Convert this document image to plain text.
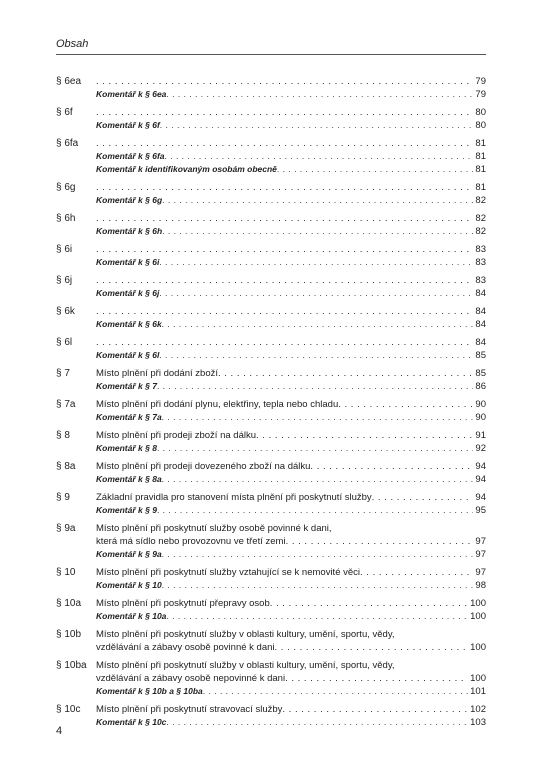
Obsah
§ 6ea . . .	79
Komentář k § 6ea . . .	79
§ 6f . . .	80
Komentář k § 6f . . .	80
§ 6fa . . .	81
Komentář k § 6fa . . .	81
Komentář k identifikovaným osobám obecně . . .	81
§ 6g . . .	81
Komentář k § 6g . . .	82
§ 6h . . .	82
Komentář k § 6h . . .	82
§ 6i . . .	83
Komentář k § 6i . . .	83
§ 6j . . .	83
Komentář k § 6j . . .	84
§ 6k . . .	84
Komentář k § 6k . . .	84
§ 6l . . .	84
Komentář k § 6l . . .	85
§ 7	Místo plnění při dodání zboží . . .	85
Komentář k § 7 . . .	86
§ 7a	Místo plnění při dodání plynu, elektřiny, tepla nebo chladu . . .	90
Komentář k § 7a . . .	90
§ 8	Místo plnění při prodeji zboží na dálku . . .	91
Komentář k § 8 . . .	92
§ 8a	Místo plnění při prodeji dovezeného zboží na dálku . . .	94
Komentář k § 8a . . .	94
§ 9	Základní pravidla pro stanovení místa plnění při poskytnutí služby . . .	94
Komentář k § 9 . . .	95
§ 9a	Místo plnění při poskytnutí služby osobě povinné k dani,
která má sídlo nebo provozovnu ve třetí zemi . . .	97
Komentář k § 9a . . .	97
§ 10	Místo plnění při poskytnutí služby vztahující se k nemovité věci . . .	97
Komentář k § 10 . . .	98
§ 10a	Místo plnění při poskytnutí přepravy osob . . .	100
Komentář k § 10a . . .	100
§ 10b	Místo plnění při poskytnutí služby v oblasti kultury, umění, sportu, vědy,
vzdělávání a zábavy osobě povinné k dani . . .	100
§ 10ba Místo plnění při poskytnutí služby v oblasti kultury, umění, sportu, vědy,
vzdělávání a zábavy osobě nepovinné k dani . . .	100
Komentář k § 10b a § 10ba . . .	101
§ 10c	Místo plnění při poskytnutí stravovací služby . . .	102
Komentář k § 10c . . .	103
4
